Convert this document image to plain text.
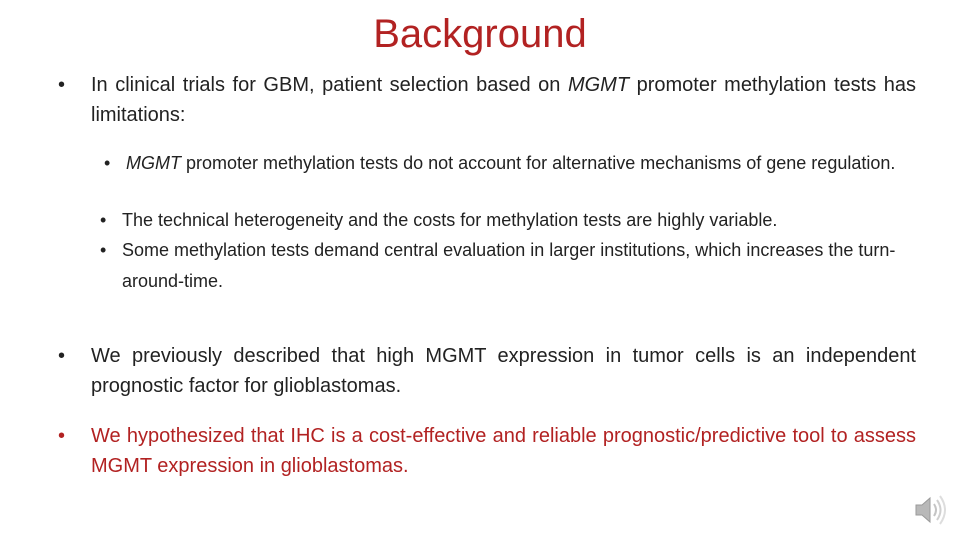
Background
• In clinical trials for GBM, patient selection based on MGMT promoter methylation tests has limitations:
• MGMT promoter methylation tests do not account for alternative mechanisms of gene regulation.
• The technical heterogeneity and the costs for methylation tests are highly variable.
• Some methylation tests demand central evaluation in larger institutions, which increases the turn-around-time.
• We previously described that high MGMT expression in tumor cells is an independent prognostic factor for glioblastomas.
• We hypothesized that IHC is a cost-effective and reliable prognostic/predictive tool to assess MGMT expression in glioblastomas.
